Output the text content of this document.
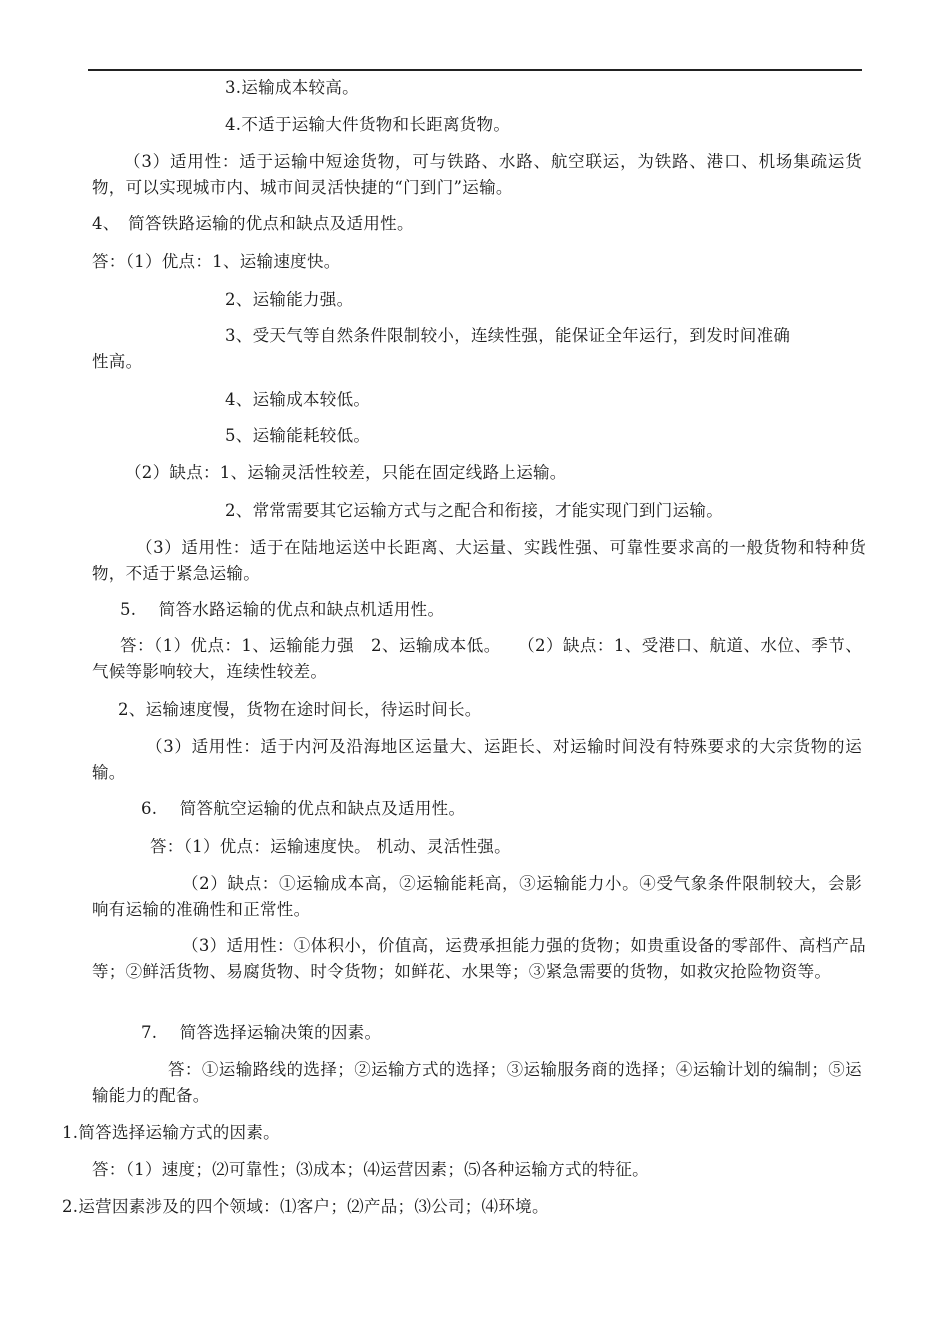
3.运输成本较高。
4.不适于运输大件货物和长距离货物。
（3）适用性：适于运输中短途货物，可与铁路、水路、航空联运，为铁路、港口、机场集疏运货物，可以实现城市内、城市间灵活快捷的“门到门”运输。
4、　简答铁路运输的优点和缺点及适用性。
答：（1）优点：1、运输速度快。
2、运输能力强。
3、受天气等自然条件限制较小，连续性强，能保证全年运行，到发时间准确
性高。
4、运输成本较低。
5、运输能耗较低。
（2）缺点：1、运输灵活性较差，只能在固定线路上运输。
2、常常需要其它运输方式与之配合和衔接，才能实现门到门运输。
（3）适用性：适于在陆地运送中长距离、大运量、实践性强、可靠性要求高的一般货物和特种货物，不适于紧急运输。
5.　 简答水路运输的优点和缺点机适用性。
答：（1）优点：1、运输能力强　2、运输成本低。　　（2）缺点：1、受港口、航道、水位、季节、气候等影响较大，连续性较差。
2、运输速度慢，货物在途时间长，待运时间长。
（3）适用性：适于内河及沿海地区运量大、运距长、对运输时间没有特殊要求的大宗货物的运输。
6.　 简答航空运输的优点和缺点及适用性。
答：（1）优点：运输速度快。 机动、灵活性强。
（2）缺点：①运输成本高，②运输能耗高，③运输能力小。④受气象条件限制较大，会影响有运输的准确性和正常性。
（3）适用性：①体积小，价值高，运费承担能力强的货物；如贵重设备的零部件、高档产品等；②鲜活货物、易腐货物、时令货物；如鲜花、水果等；③紧急需要的货物，如救灾抢险物资等。
7.　 简答选择运输决策的因素。
答：①运输路线的选择；②运输方式的选择；③运输服务商的选择；④运输计划的编制；⑤运输能力的配备。
1.简答选择运输方式的因素。
答：（1）速度；⑵可靠性；⑶成本；⑷运营因素；⑸各种运输方式的特征。
2.运营因素涉及的四个领域：⑴客户；⑵产品；⑶公司；⑷环境。
